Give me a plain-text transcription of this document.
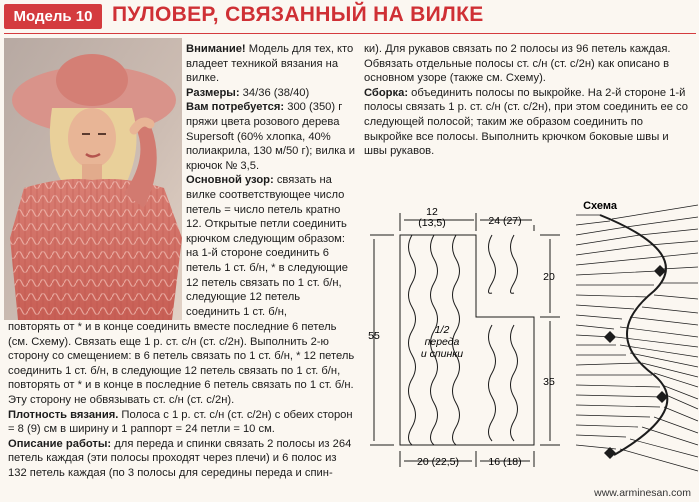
Модель 10 ПУЛОВЕР, СВЯЗАННЫЙ НА ВИЛКЕ

Внимание! Модель для тех, кто владеет техникой вязания на вилке.

Размеры: 34/36 (38/40)

Вам потребуется: 300 (350) г пряжи цвета розового дерева Supersoft (60% хлопка, 40% полиакрила, 130 м/50 г); вилка и крючок № 3,5.

Основной узор: связать на вилке соответствующее число петель = число петель кратно 12. Открытые петли соединить крючком следующим образом: на 1-й стороне соединить 6 петель 1 ст. б/н, * в следующие 12 петель связать по 1 ст. б/н, следующие 12 петель соединить 1 ст. б/н,

повторять от * и в конце соединить вместе последние 6 петель (см. Схему). Связать еще 1 р. ст. с/н (ст. с/2н). Выполнить 2-ю сторону со смещением: в 6 петель связать по 1 ст. б/н, * 12 петель соединить 1 ст. б/н, в следующие 12 петель связать по 1 ст. б/н, повторять от * и в конце в последние 6 петель связать по 1 ст. б/н. Эту сторону не обвязывать ст. с/н (ст. с/2н).

Плотность вязания. Полоса с 1 р. ст. с/н (ст. с/2н) с обеих сторон = 8 (9) см в ширину и 1 раппорт = 24 петли = 10 см.

Описание работы: для переда и спинки связать 2 полосы из 264 петель каждая (эти полосы проходят через плечи) и 6 полос из 132 петель каждая (по 3 полосы для середины переда и спин-

ки). Для рукавов связать по 2 полосы из 96 петель каждая. Обвязать отдельные полосы ст. с/н (ст. с/2н) как описано в основном узоре (также см. Схему).

Сборка: объединить полосы по выкройке. На 2-й стороне 1-й полосы связать 1 р. ст. с/н (ст. с/2н), при этом соединить ее со следующей полосой; таким же образом соединить по выкройке все полосы. Выполнить крючком боковые швы и швы рукавов.

12
(13,5)	24 (27)
20
35
55	1/2
переда
и спинки
20 (22,5)	16 (18)
Схема
www.arminesan.com
